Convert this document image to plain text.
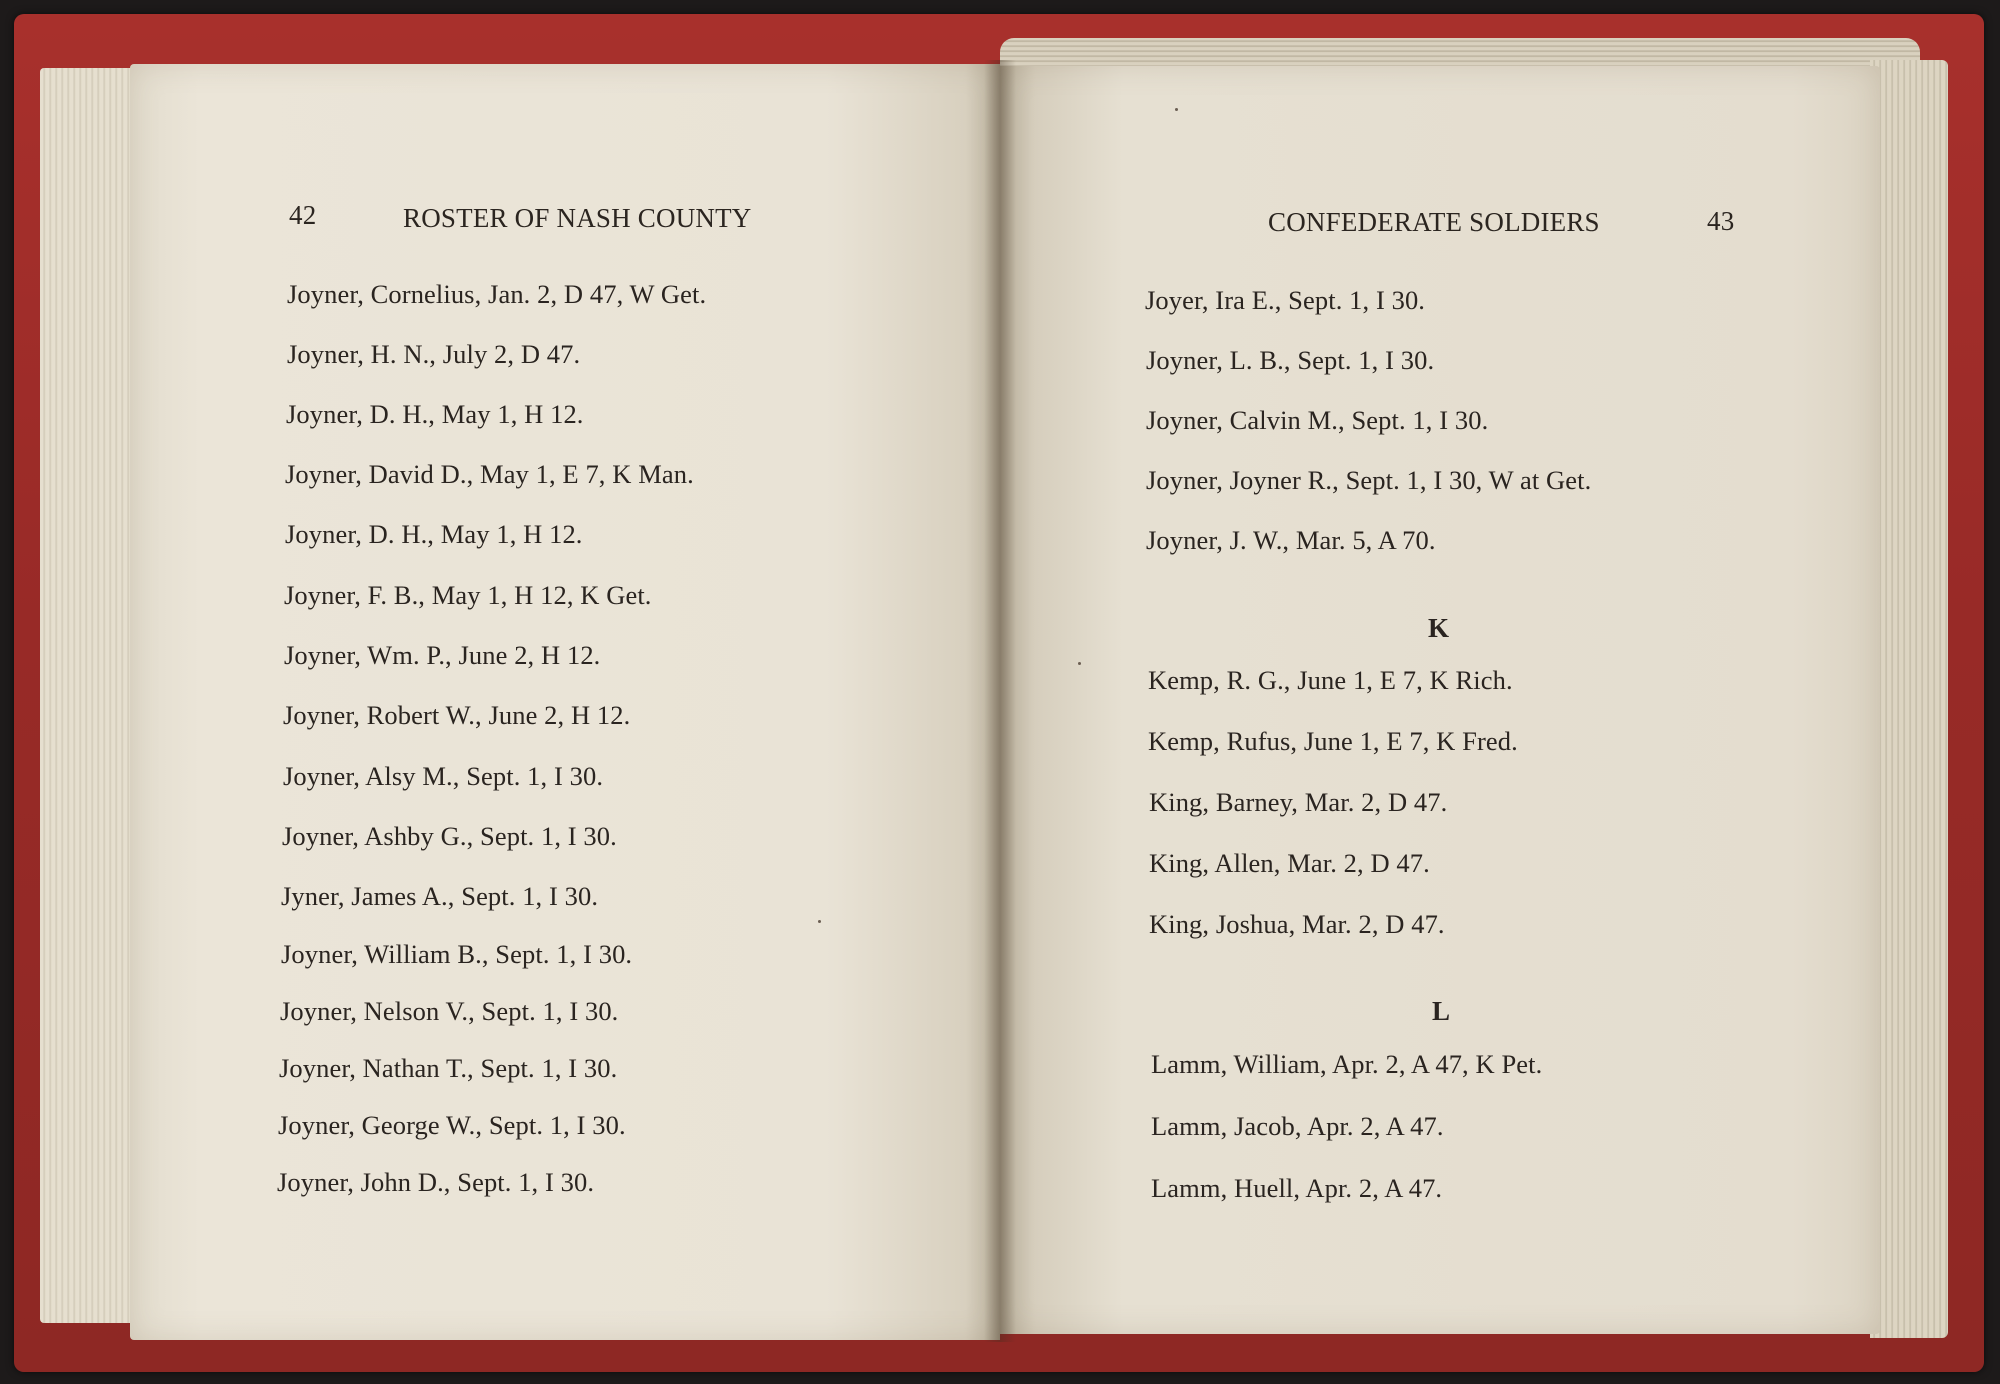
42	ROSTER OF NASH COUNTY
Joyner, Cornelius, Jan. 2, D 47, W Get.
Joyner, H. N., July 2, D 47.
Joyner, D. H., May 1, H 12.
Joyner, David D., May 1, E 7, K Man.
Joyner, D. H., May 1, H 12.
Joyner, F. B., May 1, H 12, K Get.
Joyner, Wm. P., June 2, H 12.
Joyner, Robert W., June 2, H 12.
Joyner, Alsy M., Sept. 1, I 30.
Joyner, Ashby G., Sept. 1, I 30.
Jyner, James A., Sept. 1, I 30.
Joyner, William B., Sept. 1, I 30.
Joyner, Nelson V., Sept. 1, I 30.
Joyner, Nathan T., Sept. 1, I 30.
Joyner, George W., Sept. 1, I 30.
Joyner, John D., Sept. 1, I 30.
CONFEDERATE SOLDIERS	43
Joyer, Ira E., Sept. 1, I 30.
Joyner, L. B., Sept. 1, I 30.
Joyner, Calvin M., Sept. 1, I 30.
Joyner, Joyner R., Sept. 1, I 30, W at Get.
Joyner, J. W., Mar. 5, A 70.
K
Kemp, R. G., June 1, E 7, K Rich.
Kemp, Rufus, June 1, E 7, K Fred.
King, Barney, Mar. 2, D 47.
King, Allen, Mar. 2, D 47.
King, Joshua, Mar. 2, D 47.
L
Lamm, William, Apr. 2, A 47, K Pet.
Lamm, Jacob, Apr. 2, A 47.
Lamm, Huell, Apr. 2, A 47.
